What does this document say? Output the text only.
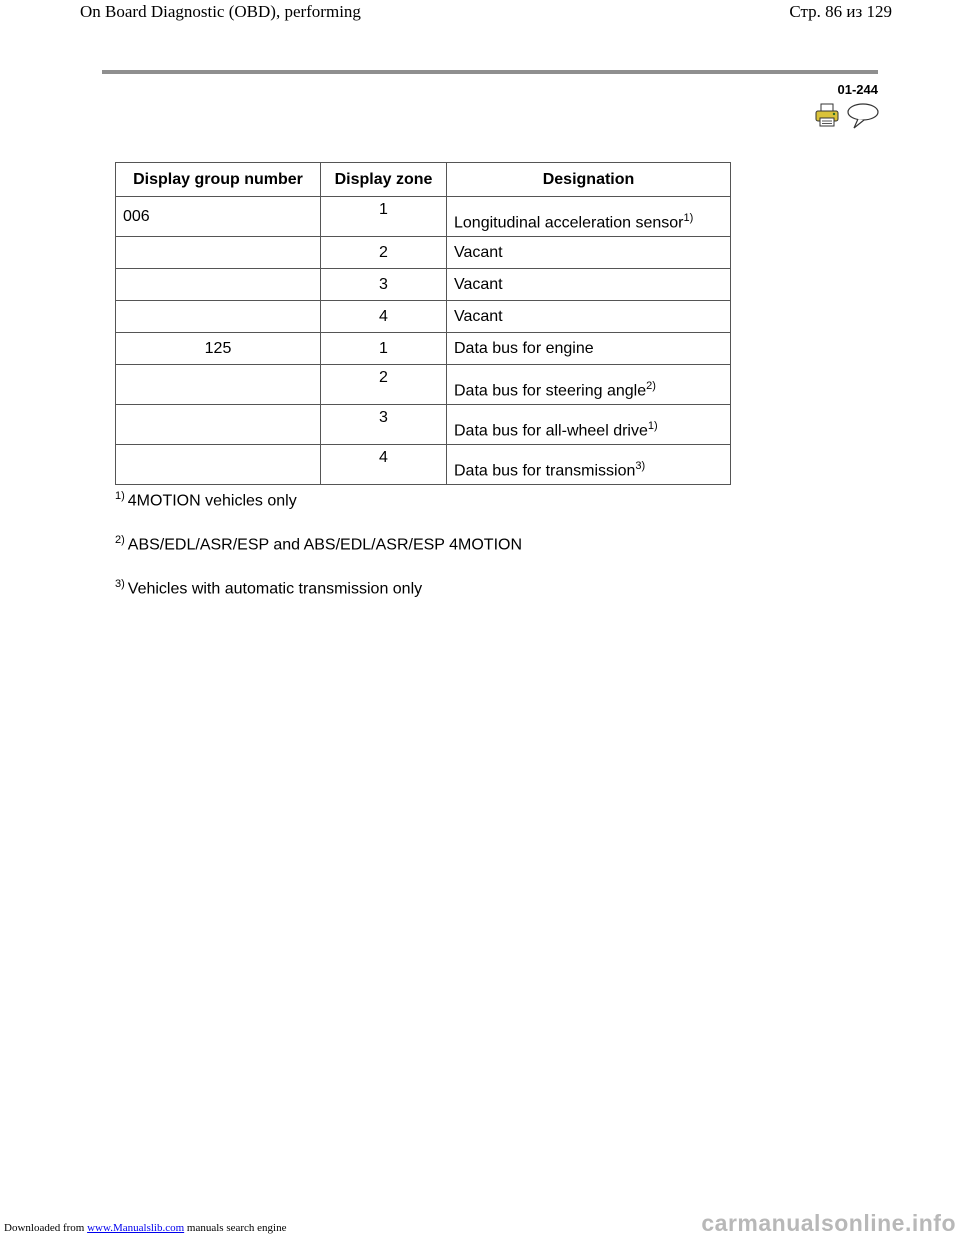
On Board Diagnostic (OBD), performing	Стр. 86 из 129
01-244
Display group number	Display zone	Designation
006	1	Longitudinal acceleration sensor$^{1)}$
	2	Vacant
	3	Vacant
	4	Vacant
125	1	Data bus for engine
	2	Data bus for steering angle$^{2)}$
	3	Data bus for all-wheel drive$^{1)}$
	4	Data bus for transmission$^{3)}$
$^{1)}$ 4MOTION vehicles only
$^{2)}$ ABS/EDL/ASR/ESP and ABS/EDL/ASR/ESP 4MOTION
$^{3)}$ Vehicles with automatic transmission only
Downloaded from www.Manualslib.com manuals search engine	carmanualsonline.info
